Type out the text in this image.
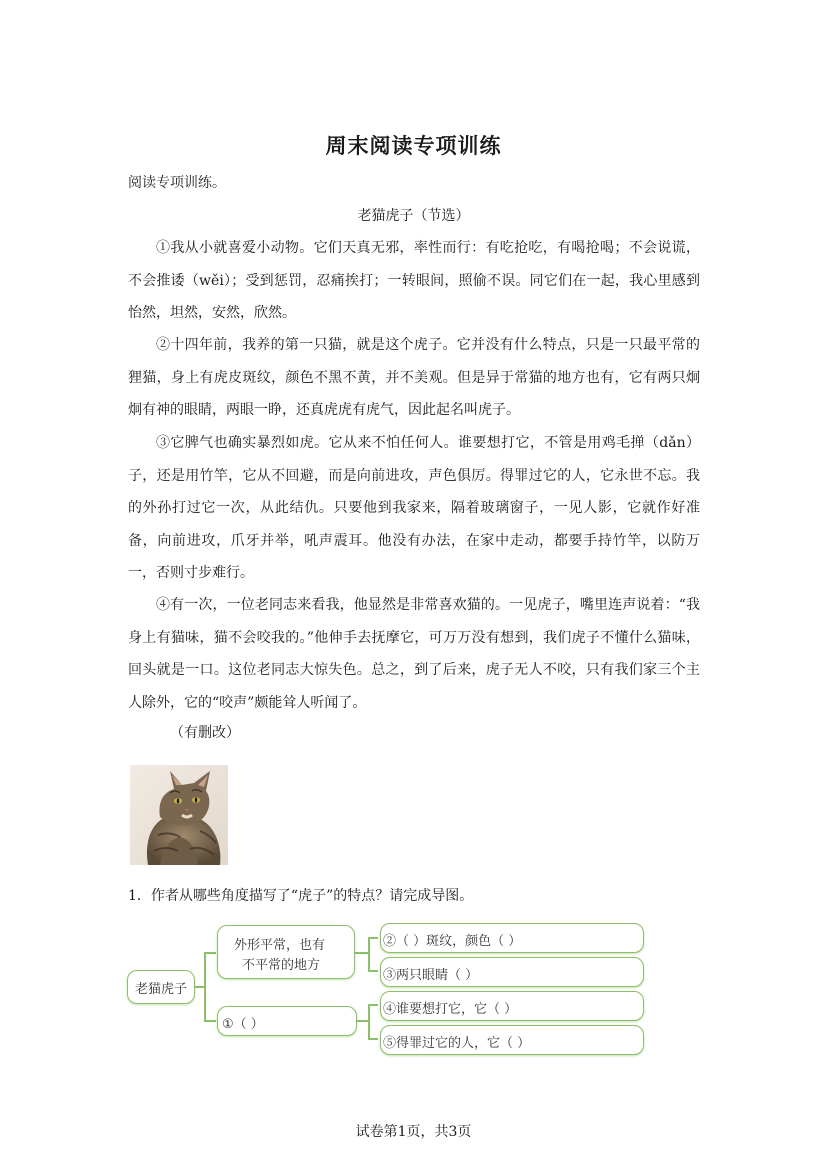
周末阅读专项训练
阅读专项训练。
老猫虎子（节选）
①我从小就喜爱小动物。它们天真无邪，率性而行：有吃抢吃，有喝抢喝；不会说谎，不会推诿（wěi）；受到惩罚，忍痛挨打；一转眼间，照偷不误。同它们在一起，我心里感到怡然，坦然，安然，欣然。
②十四年前，我养的第一只猫，就是这个虎子。它并没有什么特点，只是一只最平常的狸猫，身上有虎皮斑纹，颜色不黑不黄，并不美观。但是异于常猫的地方也有，它有两只炯炯有神的眼睛，两眼一睁，还真虎虎有虎气，因此起名叫虎子。
③它脾气也确实暴烈如虎。它从来不怕任何人。谁要想打它，不管是用鸡毛掸（dǎn）子，还是用竹竿，它从不回避，而是向前进攻，声色俱厉。得罪过它的人，它永世不忘。我的外孙打过它一次，从此结仇。只要他到我家来，隔着玻璃窗子，一见人影，它就作好准备，向前进攻，爪牙并举，吼声震耳。他没有办法，在家中走动，都要手持竹竿，以防万一，否则寸步难行。
④有一次，一位老同志来看我，他显然是非常喜欢猫的。一见虎子，嘴里连声说着：“我身上有猫味，猫不会咬我的。”他伸手去抚摩它，可万万没有想到，我们虎子不懂什么猫味，回头就是一口。这位老同志大惊失色。总之，到了后来，虎子无人不咬，只有我们家三个主人除外，它的“咬声”颇能耸人听闻了。
（有删改）
1．作者从哪些角度描写了“虎子”的特点？请完成导图。
老猫虎子
外形平常，也有
不平常的地方
①（ ）
②（ ）斑纹，颜色（ ）
③两只眼睛（ ）
④谁要想打它，它（ ）
⑤得罪过它的人，它（ ）
试卷第1页，共3页
